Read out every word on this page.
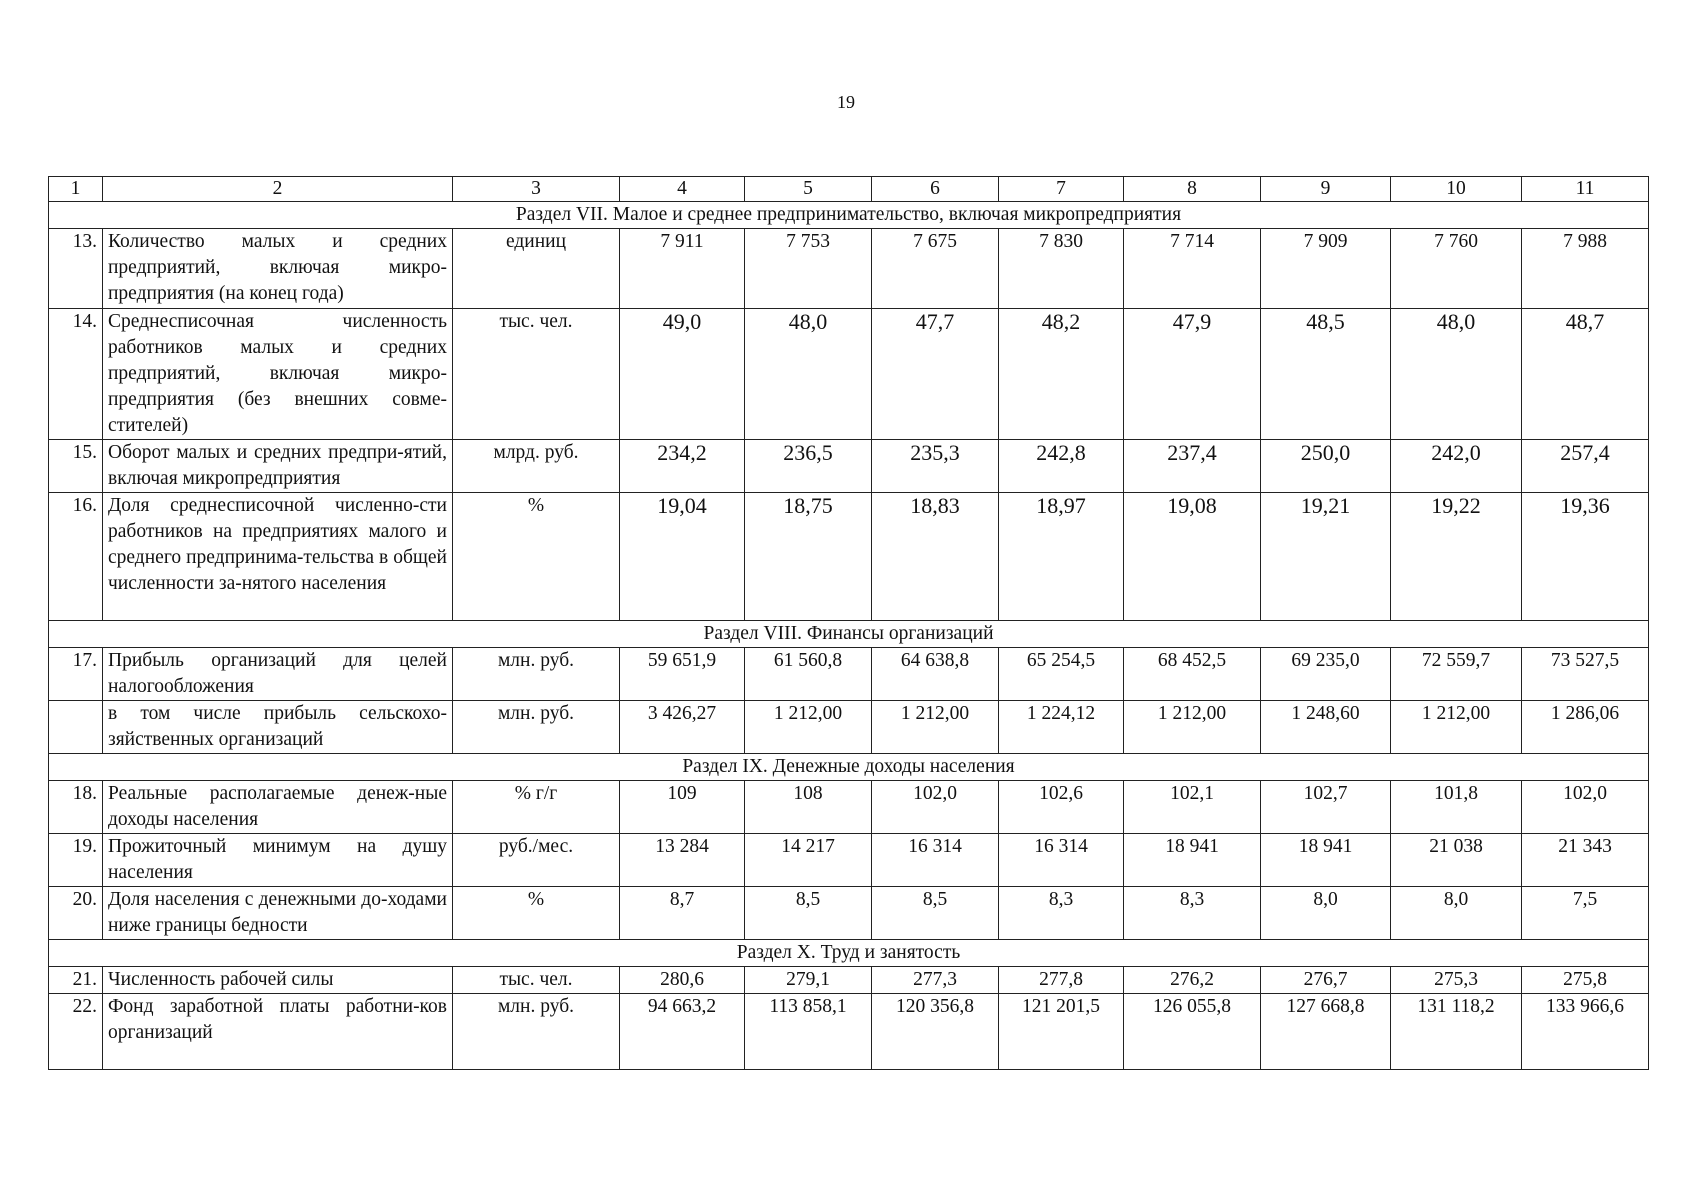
19
1	2	3	4	5	6	7	8	9	10	11
Раздел VII. Малое и среднее предпринимательство, включая микропредприятия										
13.	Количество малых и средних предприятий, включая микро-предприятия (на конец года)	единиц	7 911	7 753	7 675	7 830	7 714	7 909	7 760	7 988
14.	Среднесписочная численность работников малых и средних предприятий, включая микро-предприятия (без внешних совме-стителей)	тыс. чел.	49,0	48,0	47,7	48,2	47,9	48,5	48,0	48,7
15.	Оборот малых и средних предпри-ятий, включая микропредприятия	млрд. руб.	234,2	236,5	235,3	242,8	237,4	250,0	242,0	257,4
16.	Доля среднесписочной численно-сти работников на предприятиях малого и среднего предпринима-тельства в общей численности за-нятого населения	%	19,04	18,75	18,83	18,97	19,08	19,21	19,22	19,36
Раздел VIII. Финансы организаций										
17.	Прибыль организаций для целей налогообложения	млн. руб.	59 651,9	61 560,8	64 638,8	65 254,5	68 452,5	69 235,0	72 559,7	73 527,5
	в том числе прибыль сельскохо-зяйственных организаций	млн. руб.	3 426,27	1 212,00	1 212,00	1 224,12	1 212,00	1 248,60	1 212,00	1 286,06
Раздел IX. Денежные доходы населения										
18.	Реальные располагаемые денеж-ные доходы населения	% г/г	109	108	102,0	102,6	102,1	102,7	101,8	102,0
19.	Прожиточный минимум на душу населения	руб./мес.	13 284	14 217	16 314	16 314	18 941	18 941	21 038	21 343
20.	Доля населения с денежными до-ходами ниже границы бедности	%	8,7	8,5	8,5	8,3	8,3	8,0	8,0	7,5
Раздел X. Труд и занятость										
21.	Численность рабочей силы	тыс. чел.	280,6	279,1	277,3	277,8	276,2	276,7	275,3	275,8
22.	Фонд заработной платы работни-ков организаций	млн. руб.	94 663,2	113 858,1	120 356,8	121 201,5	126 055,8	127 668,8	131 118,2	133 966,6
